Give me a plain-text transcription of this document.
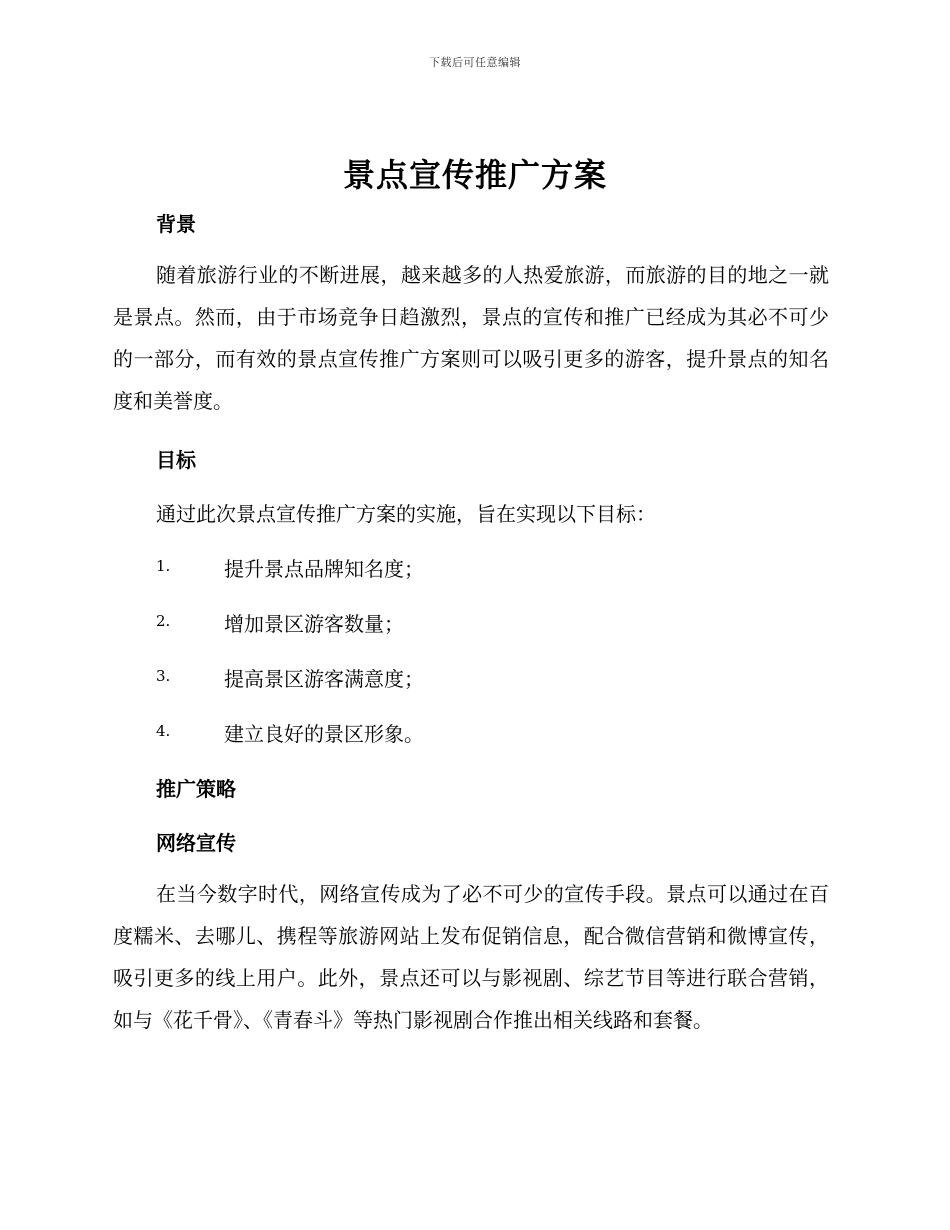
下载后可任意编辑
景点宣传推广方案
背景

随着旅游行业的不断进展，越来越多的人热爱旅游，而旅游的目的地之一就是景点。然而，由于市场竞争日趋激烈，景点的宣传和推广已经成为其必不可少的一部分，而有效的景点宣传推广方案则可以吸引更多的游客，提升景点的知名度和美誉度。

目标

通过此次景点宣传推广方案的实施，旨在实现以下目标：

1.	提升景点品牌知名度；
2.	增加景区游客数量；
3.	提高景区游客满意度；
4.	建立良好的景区形象。
推广策略
网络宣传

在当今数字时代，网络宣传成为了必不可少的宣传手段。景点可以通过在百度糯米、去哪儿、携程等旅游网站上发布促销信息，配合微信营销和微博宣传，吸引更多的线上用户。此外，景点还可以与影视剧、综艺节目等进行联合营销，如与《花千骨》、《青春斗》等热门影视剧合作推出相关线路和套餐。
